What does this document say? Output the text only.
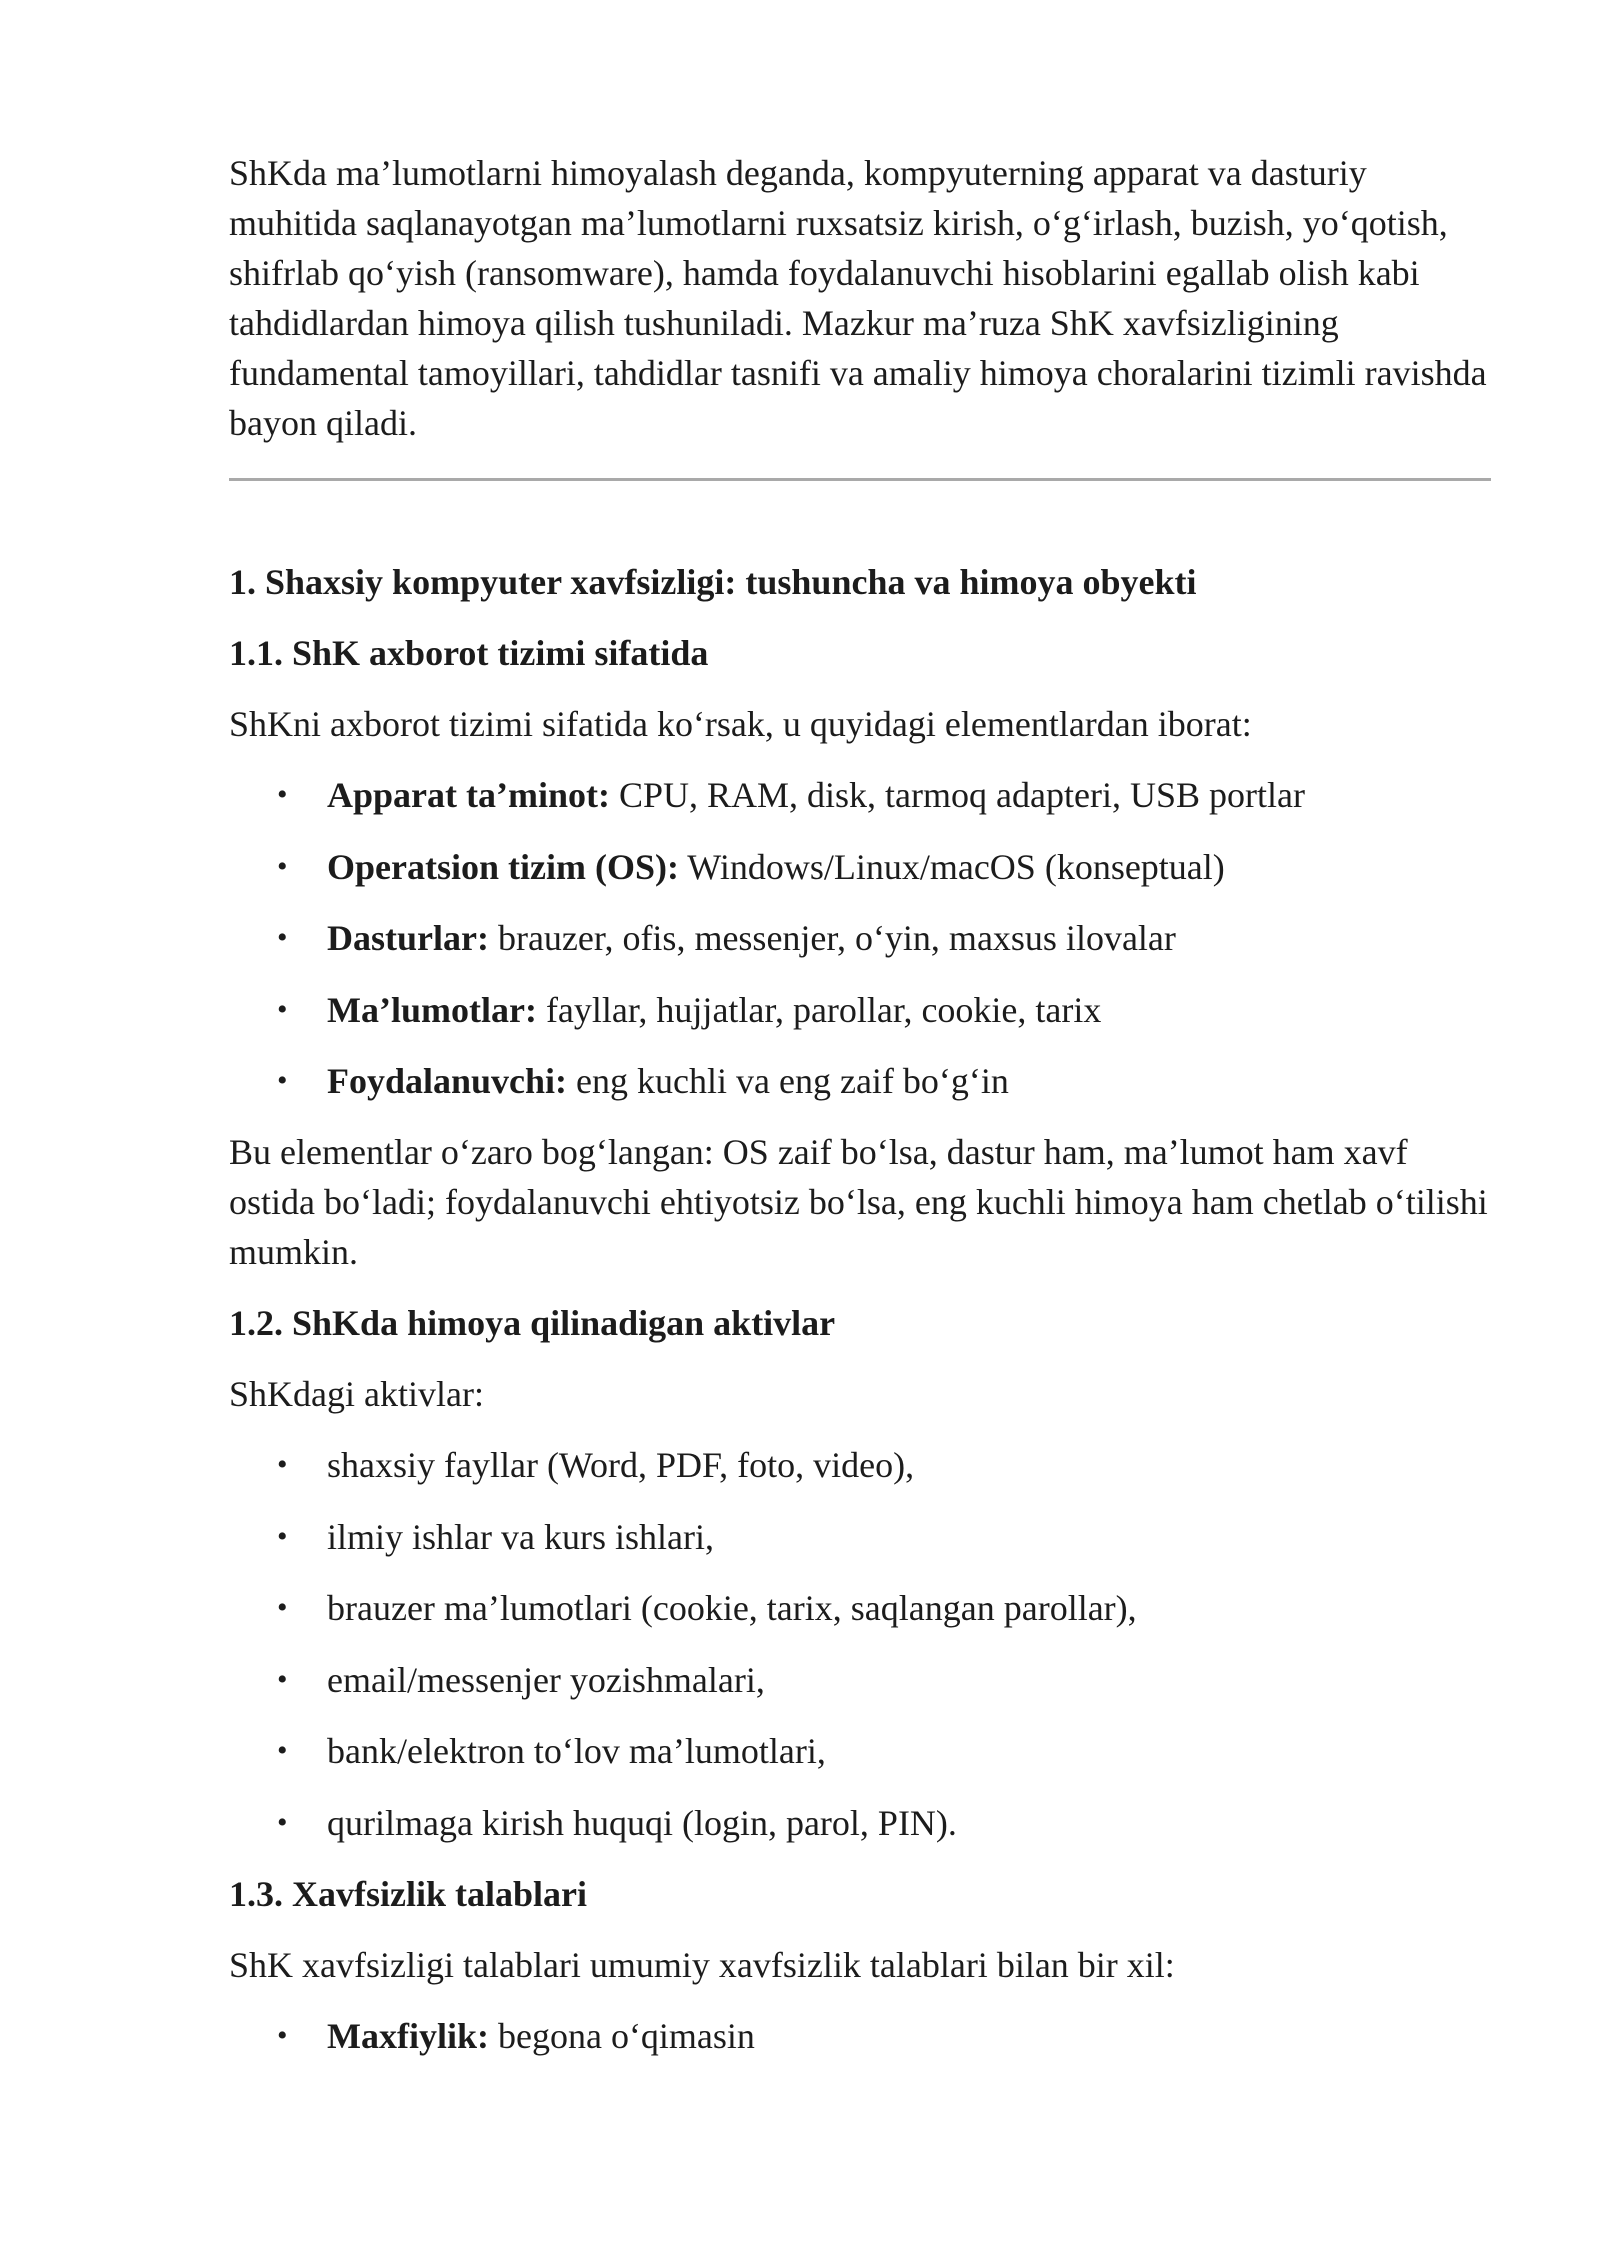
ShKda ma’lumotlarni himoyalash deganda, kompyuterning apparat va dasturiy muhitida saqlanayotgan ma’lumotlarni ruxsatsiz kirish, o‘g‘irlash, buzish, yo‘qotish, shifrlab qo‘yish (ransomware), hamda foydalanuvchi hisoblarini egallab olish kabi tahdidlardan himoya qilish tushuniladi. Mazkur ma’ruza ShK xavfsizligining fundamental tamoyillari, tahdidlar tasnifi va amaliy himoya choralarini tizimli ravishda bayon qiladi.

1. Shaxsiy kompyuter xavfsizligi: tushuncha va himoya obyekti
1.1. ShK axborot tizimi sifatida

ShKni axborot tizimi sifatida ko‘rsak, u quyidagi elementlardan iborat:

• Apparat ta’minot: CPU, RAM, disk, tarmoq adapteri, USB portlar
• Operatsion tizim (OS): Windows/Linux/macOS (konseptual)
• Dasturlar: brauzer, ofis, messenjer, o‘yin, maxsus ilovalar
• Ma’lumotlar: fayllar, hujjatlar, parollar, cookie, tarix
• Foydalanuvchi: eng kuchli va eng zaif bo‘g‘in

Bu elementlar o‘zaro bog‘langan: OS zaif bo‘lsa, dastur ham, ma’lumot ham xavf ostida bo‘ladi; foydalanuvchi ehtiyotsiz bo‘lsa, eng kuchli himoya ham chetlab o‘tilishi mumkin.

1.2. ShKda himoya qilinadigan aktivlar

ShKdagi aktivlar:

• shaxsiy fayllar (Word, PDF, foto, video),
• ilmiy ishlar va kurs ishlari,
• brauzer ma’lumotlari (cookie, tarix, saqlangan parollar),
• email/messenjer yozishmalari,
• bank/elektron to‘lov ma’lumotlari,
• qurilmaga kirish huquqi (login, parol, PIN).
1.3. Xavfsizlik talablari

ShK xavfsizligi talablari umumiy xavfsizlik talablari bilan bir xil:

• Maxfiylik: begona o‘qimasin
